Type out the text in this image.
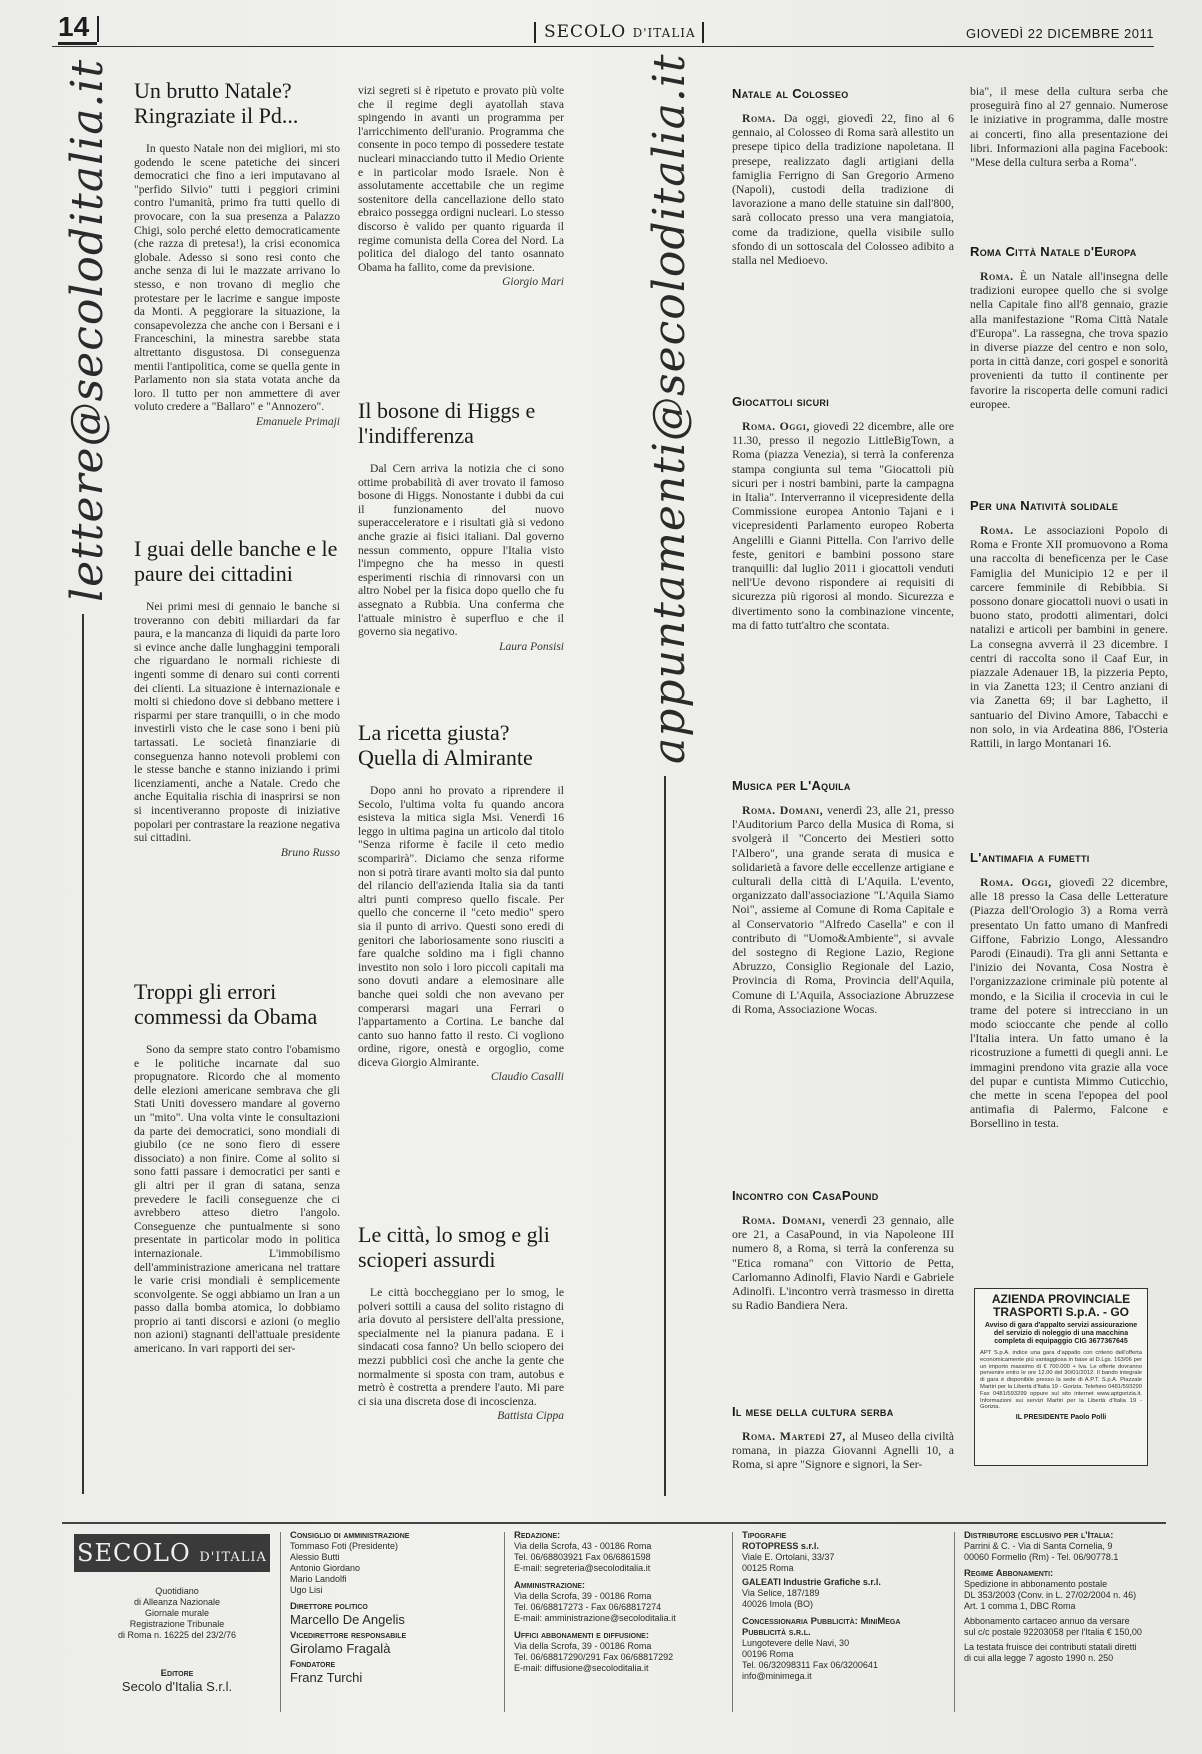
14	SECOLO D'ITALIA	GIOVEDÌ 22 DICEMBRE 2011
lettere@secoloditalia.it	appuntamenti@secoloditalia.it
Un brutto Natale? Ringraziate il Pd...

In questo Natale non dei migliori, mi sto godendo le scene patetiche dei sinceri democratici che fino a ieri imputavano al "perfido Silvio" tutti i peggiori crimini contro l'umanità, primo fra tutti quello di provocare, con la sua presenza a Palazzo Chigi, solo perché eletto democraticamente (che razza di pretesa!), la crisi economica globale. Adesso si sono resi conto che anche senza di lui le mazzate arrivano lo stesso, e non trovano di meglio che protestare per le lacrime e sangue imposte da Monti. A peggiorare la situazione, la consapevolezza che anche con i Bersani e i Franceschini, la minestra sarebbe stata altrettanto disgustosa. Di conseguenza mentii l'antipolitica, come se quella gente in Parlamento non sia stata votata anche da loro. Il tutto per non ammettere di aver voluto credere a "Ballaro" e "Annozero".

Emanuele Primaji

I guai delle banche e le paure dei cittadini

Nei primi mesi di gennaio le banche si troveranno con debiti miliardari da far paura, e la mancanza di liquidi da parte loro si evince anche dalle lunghaggini temporali che riguardano le normali richieste di ingenti somme di denaro sui conti correnti dei clienti. La situazione è internazionale e molti si chiedono dove si debbano mettere i risparmi per stare tranquilli, o in che modo investirli visto che le case sono i beni più tartassati. Le società finanziarie di conseguenza hanno notevoli problemi con le stesse banche e stanno iniziando i primi licenziamenti, anche a Natale. Credo che anche Equitalia rischia di inasprirsi se non si incentiveranno proposte di iniziative popolari per contrastare la reazione negativa sui cittadini.

Bruno Russo

Troppi gli errori commessi da Obama

Sono da sempre stato contro l'obamismo e le politiche incarnate dal suo propugnatore. Ricordo che al momento delle elezioni americane sembrava che gli Stati Uniti dovessero mandare al governo un "mito". Una volta vinte le consultazioni da parte dei democratici, sono mondiali di giubilo (ce ne sono fiero di essere dissociato) a non finire. Come al solito si sono fatti passare i democratici per santi e gli altri per il gran di satana, senza prevedere le facili conseguenze che ci avrebbero atteso dietro l'angolo. Conseguenze che puntualmente si sono presentate in particolar modo in politica internazionale. L'immobilismo dell'amministrazione americana nel trattare le varie crisi mondiali è semplicemente sconvolgente. Se oggi abbiamo un Iran a un passo dalla bomba atomica, lo dobbiamo proprio ai tanti discorsi e azioni (o meglio non azioni) stagnanti dell'attuale presidente americano. In vari rapporti dei ser-

vizi segreti si è ripetuto e provato più volte che il regime degli ayatollah stava spingendo in avanti un programma per l'arricchimento dell'uranio. Programma che consente in poco tempo di possedere testate nucleari minacciando tutto il Medio Oriente e in particolar modo Israele. Non è assolutamente accettabile che un regime sostenitore della cancellazione dello stato ebraico possegga ordigni nucleari. Lo stesso discorso è valido per quanto riguarda il regime comunista della Corea del Nord. La politica del dialogo del tanto osannato Obama ha fallito, come da previsione.

Giorgio Mari

Il bosone di Higgs e l'indifferenza

Dal Cern arriva la notizia che ci sono ottime probabilità di aver trovato il famoso bosone di Higgs. Nonostante i dubbi da cui il funzionamento del nuovo superacceleratore e i risultati già si vedono anche grazie ai fisici italiani. Dal governo nessun commento, oppure l'Italia visto l'impegno che ha messo in questi esperimenti rischia di rinnovarsi con un altro Nobel per la fisica dopo quello che fu assegnato a Rubbia. Una conferma che l'attuale ministro è superfluo e che il governo sia negativo.

Laura Ponsisi

La ricetta giusta? Quella di Almirante

Dopo anni ho provato a riprendere il Secolo, l'ultima volta fu quando ancora esisteva la mitica sigla Msi. Venerdì 16 leggo in ultima pagina un articolo dal titolo "Senza riforme è facile il ceto medio scomparirà". Diciamo che senza riforme non si potrà tirare avanti molto sia dal punto del rilancio dell'azienda Italia sia da tanti altri punti compreso quello fiscale. Per quello che concerne il "ceto medio" spero sia il punto di arrivo. Questi sono eredi di genitori che laboriosamente sono riusciti a fare qualche soldino ma i figli channo investito non solo i loro piccoli capitali ma sono dovuti andare a elemosinare alle banche quei soldi che non avevano per comperarsi magari una Ferrari o l'appartamento a Cortina. Le banche dal canto suo hanno fatto il resto. Ci vogliono ordine, rigore, onestà e orgoglio, come diceva Giorgio Almirante.

Claudio Casalli

Le città, lo smog e gli scioperi assurdi

Le città boccheggiano per lo smog, le polveri sottili a causa del solito ristagno di aria dovuto al persistere dell'alta pressione, specialmente nel la pianura padana. E i sindacati cosa fanno? Un bello sciopero dei mezzi pubblici così che anche la gente che normalmente si sposta con tram, autobus e metrò è costretta a prendere l'auto. Mi pare ci sia una discreta dose di incoscienza.

Battista Cippa

Natale al Colosseo

Roma. Da oggi, giovedì 22, fino al 6 gennaio, al Colosseo di Roma sarà allestito un presepe tipico della tradizione napoletana. Il presepe, realizzato dagli artigiani della famiglia Ferrigno di San Gregorio Armeno (Napoli), custodi della tradizione di lavorazione a mano delle statuine sin dall'800, sarà collocato presso una vera mangiatoia, come da tradizione, quella visibile sullo sfondo di un sottoscala del Colosseo adibito a stalla nel Medioevo.

Giocattoli sicuri

Roma. Oggi, giovedì 22 dicembre, alle ore 11.30, presso il negozio LittleBigTown, a Roma (piazza Venezia), si terrà la conferenza stampa congiunta sul tema "Giocattoli più sicuri per i nostri bambini, parte la campagna in Italia". Interverranno il vicepresidente della Commissione europea Antonio Tajani e i vicepresidenti Parlamento europeo Roberta Angelilli e Gianni Pittella. Con l'arrivo delle feste, genitori e bambini possono stare tranquilli: dal luglio 2011 i giocattoli venduti nell'Ue devono rispondere ai requisiti di sicurezza più rigorosi al mondo. Sicurezza e divertimento sono la combinazione vincente, ma di fatto tutt'altro che scontata.

Musica per L'Aquila

Roma. Domani, venerdì 23, alle 21, presso l'Auditorium Parco della Musica di Roma, si svolgerà il "Concerto dei Mestieri sotto l'Albero", una grande serata di musica e solidarietà a favore delle eccellenze artigiane e culturali della città di L'Aquila. L'evento, organizzato dall'associazione "L'Aquila Siamo Noi", assieme al Comune di Roma Capitale e al Conservatorio "Alfredo Casella" e con il contributo di "Uomo&Ambiente", si avvale del sostegno di Regione Lazio, Regione Abruzzo, Consiglio Regionale del Lazio, Provincia di Roma, Provincia dell'Aquila, Comune di L'Aquila, Associazione Abruzzese di Roma, Associazione Wocas.

Incontro con CasaPound

Roma. Domani, venerdì 23 gennaio, alle ore 21, a CasaPound, in via Napoleone III numero 8, a Roma, si terrà la conferenza su "Etica romana" con Vittorio de Petta, Carlomanno Adinolfi, Flavio Nardi e Gabriele Adinolfi. L'incontro verrà trasmesso in diretta su Radio Bandiera Nera.

Il mese della cultura serba

Roma. Martedì 27, al Museo della civiltà romana, in piazza Giovanni Agnelli 10, a Roma, si apre "Signore e signori, la Ser-

bia", il mese della cultura serba che proseguirà fino al 27 gennaio. Numerose le iniziative in programma, dalle mostre ai concerti, fino alla presentazione dei libri. Informazioni alla pagina Facebook: "Mese della cultura serba a Roma".

Roma Città Natale d'Europa

Roma. È un Natale all'insegna delle tradizioni europee quello che si svolge nella Capitale fino all'8 gennaio, grazie alla manifestazione "Roma Città Natale d'Europa". La rassegna, che trova spazio in diverse piazze del centro e non solo, porta in città danze, cori gospel e sonorità provenienti da tutto il continente per favorire la riscoperta delle comuni radici europee.

Per una Natività solidale

Roma. Le associazioni Popolo di Roma e Fronte XII promuovono a Roma una raccolta di beneficenza per le Case Famiglia del Municipio 12 e per il carcere femminile di Rebibbia. Si possono donare giocattoli nuovi o usati in buono stato, prodotti alimentari, dolci natalizi e articoli per bambini in genere. La consegna avverrà il 23 dicembre. I centri di raccolta sono il Caaf Eur, in piazzale Adenauer 1B, la pizzeria Pepto, in via Zanetta 123; il Centro anziani di via Zanetta 69; il bar Laghetto, il santuario del Divino Amore, Tabacchi e non solo, in via Ardeatina 886, l'Osteria Rattili, in largo Montanari 16.

L'antimafia a fumetti

Roma. Oggi, giovedì 22 dicembre, alle 18 presso la Casa delle Letterature (Piazza dell'Orologio 3) a Roma verrà presentato Un fatto umano di Manfredi Giffone, Fabrizio Longo, Alessandro Parodi (Einaudi). Tra gli anni Settanta e l'inizio dei Novanta, Cosa Nostra è l'organizzazione criminale più potente al mondo, e la Sicilia il crocevia in cui le trame del potere si intrecciano in un modo scioccante che pende al collo l'Italia intera. Un fatto umano è la ricostruzione a fumetti di quegli anni. Le immagini prendono vita grazie alla voce del pupar e cuntista Mimmo Cuticchio, che mette in scena l'epopea del pool antimafia di Palermo, Falcone e Borsellino in testa.

AZIENDA PROVINCIALE TRASPORTI S.p.A. - GO
Avviso di gara d'appalto servizi assicurazione del servizio di noleggio di una macchina completa di equipaggio CIG 3677367645
APT S.p.A. indice una gara d'appalto con criterio dell'offerta economicamente più vantaggiosa in base al D.Lgs. 163/06 per un importo massimo di € 700.000 + Iva. Le offerte dovranno pervenire entro le ore 12.00 del 30/01/2012. Il bando integrale di gara è disponibile presso la sede di A.P.T. S.p.A. Piazzale Martiri per la Libertà d'Italia 19 - Gorizia. Telefono 0481/593290 Fax 0481/593299 oppure sul sito internet www.aptgorizia.it. Informazioni sui servizi Martiri per la Libertà d'Italia 19 - Gorizia.
IL PRESIDENTE Paolo Polli
SECOLO D'ITALIA
Quotidiano
di Alleanza Nazionale
Giornale murale
Registrazione Tribunale
di Roma n. 16225 del 23/2/76
Editore
Secolo d'Italia S.r.l.
Consiglio di amministrazione
Tommaso Foti (Presidente)
Alessio Butti
Antonio Giordano
Mario Landolfi
Ugo Lisi
Direttore politico
Marcello De Angelis
Vicedirettore responsabile
Girolamo Fragalà
Fondatore
Franz Turchi
Redazione:
Via della Scrofa, 43 - 00186 Roma
Tel. 06/68803921 Fax 06/6861598
E-mail: segreteria@secoloditalia.it
Amministrazione:
Via della Scrofa, 39 - 00186 Roma
Tel. 06/68817273 - Fax 06/68817274
E-mail: amministrazione@secoloditalia.it
Uffici abbonamenti e diffusione:
Via della Scrofa, 39 - 00186 Roma
Tel. 06/68817290/291 Fax 06/68817292
E-mail: diffusione@secoloditalia.it
Tipografie
ROTOPRESS s.r.l.
Viale E. Ortolani, 33/37
00125 Roma
GALEATI Industrie Grafiche s.r.l.
Via Selice, 187/189
40026 Imola (BO)
Concessionaria Pubblicità: MiniMega Pubblicità s.r.l.
Lungotevere delle Navi, 30
00196 Roma
Tel. 06/32098311 Fax 06/3200641
info@minimega.it
Distributore esclusivo per l'Italia:
Parrini & C. - Via di Santa Cornelia, 9
00060 Formello (Rm) - Tel. 06/90778.1
Regime Abbonamenti:
Spedizione in abbonamento postale
DL 353/2003 (Conv. in L. 27/02/2004 n. 46)
Art. 1 comma 1, DBC Roma
Abbonamento cartaceo annuo da versare
sul c/c postale 92203058 per l'Italia € 150,00
La testata fruisce dei contributi statali diretti
di cui alla legge 7 agosto 1990 n. 250
